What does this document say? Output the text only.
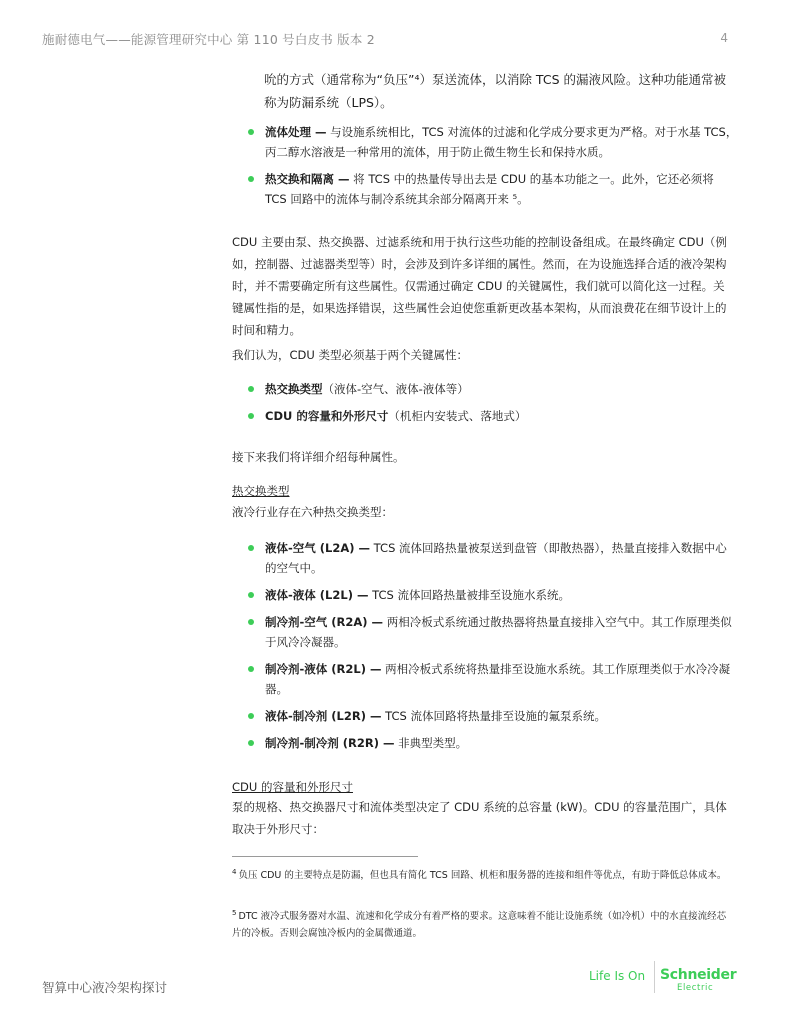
施耐德电气——能源管理研究中心 第 110 号白皮书 版本 2	4
吮的方式（通常称为“负压”⁴）泵送流体，以消除 TCS 的漏液风险。这种功能通常被称为防漏系统（LPS）。
流体处理 — 与设施系统相比，TCS 对流体的过滤和化学成分要求更为严格。对于水基 TCS，丙二醇水溶液是一种常用的流体，用于防止微生物生长和保持水质。
热交换和隔离 — 将 TCS 中的热量传导出去是 CDU 的基本功能之一。此外，它还必须将 TCS 回路中的流体与制冷系统其余部分隔离开来 ⁵。

CDU 主要由泵、热交换器、过滤系统和用于执行这些功能的控制设备组成。在最终确定 CDU（例如，控制器、过滤器类型等）时，会涉及到许多详细的属性。然而，在为设施选择合适的液冷架构时，并不需要确定所有这些属性。仅需通过确定 CDU 的关键属性，我们就可以简化这一过程。关键属性指的是，如果选择错误，这些属性会迫使您重新更改基本架构，从而浪费花在细节设计上的时间和精力。

我们认为，CDU 类型必须基于两个关键属性：

热交换类型（液体-空气、液体-液体等）
CDU 的容量和外形尺寸（机柜内安装式、落地式）

接下来我们将详细介绍每种属性。

热交换类型

液冷行业存在六种热交换类型：

液体-空气 (L2A) — TCS 流体回路热量被泵送到盘管（即散热器），热量直接排入数据中心的空气中。
液体-液体 (L2L) — TCS 流体回路热量被排至设施水系统。
制冷剂-空气 (R2A) — 两相冷板式系统通过散热器将热量直接排入空气中。其工作原理类似于风冷冷凝器。
制冷剂-液体 (R2L) — 两相冷板式系统将热量排至设施水系统。其工作原理类似于水冷冷凝器。
液体-制冷剂 (L2R) — TCS 流体回路将热量排至设施的氟泵系统。
制冷剂-制冷剂 (R2R) — 非典型类型。
CDU 的容量和外形尺寸

泵的规格、热交换器尺寸和流体类型决定了 CDU 系统的总容量 (kW)。CDU 的容量范围广，具体取决于外形尺寸：

$^4$ 负压 CDU 的主要特点是防漏，但也具有简化 TCS 回路、机柜和服务器的连接和组件等优点，有助于降低总体成本。
$^5$ DTC 液冷式服务器对水温、流速和化学成分有着严格的要求。这意味着不能让设施系统（如冷机）中的水直接流经芯片的冷板。否则会腐蚀冷板内的金属微通道。
智算中心液冷架构探讨
Life Is On Schneider
Electric
